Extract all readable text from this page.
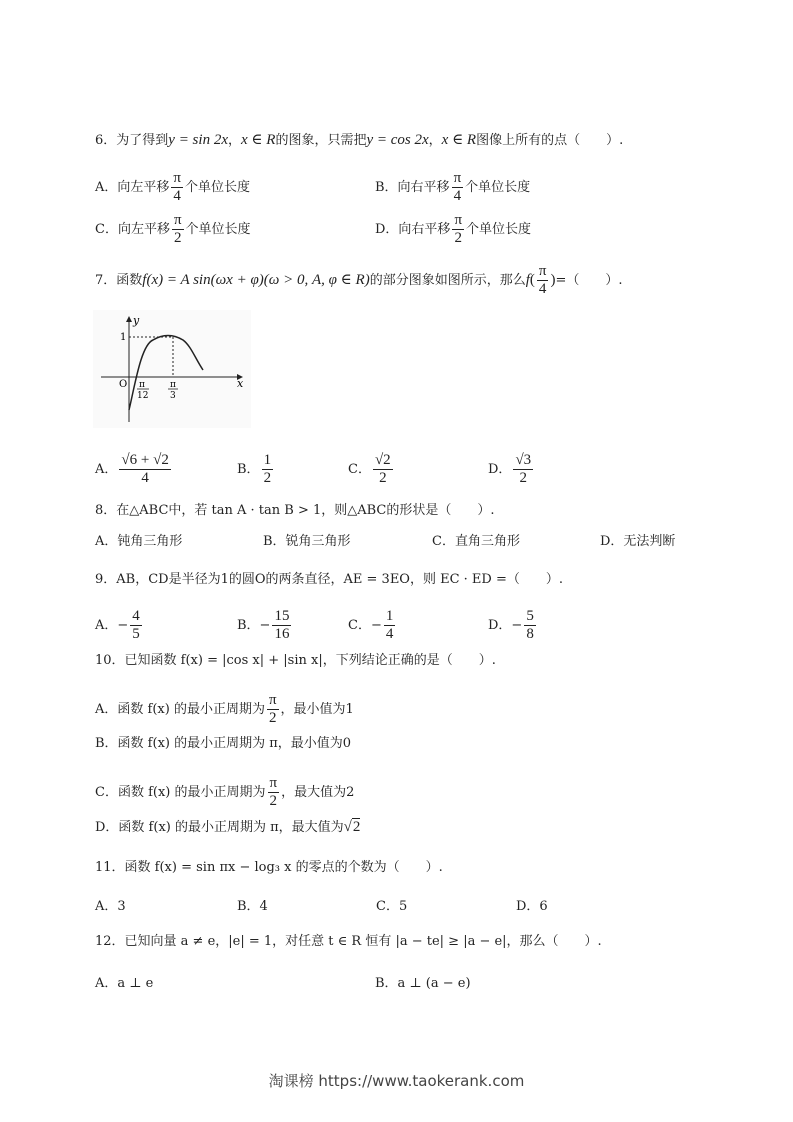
6．为了得到y = sin 2x，x ∈ R的图象，只需把y = cos 2x，x ∈ R图像上所有的点（　　）.
A．向左平移 $\frac{\pi}{4}$ 个单位长度	B．向右平移 $\frac{\pi}{4}$ 个单位长度
C．向左平移 $\frac{\pi}{2}$ 个单位长度	D．向右平移 $\frac{\pi}{2}$ 个单位长度
7．函数f(x) = A sin(ωx + φ)(ω > 0, A, φ ∈ R)的部分图象如图所示，那么$f( \frac{\pi}{4}$ )=（　　）.
y
x
O
1
π
12
π
3
A． $\frac{√6 + √2}{4}$	B． $\frac{1}{2}$	C． $\frac{√2}{2}$	D． $\frac{√3}{2}$
8．在△ABC中，若 tan A · tan B > 1，则△ABC的形状是（　　）.
A．钝角三角形	B．锐角三角形	C．直角三角形	D．无法判断
9．AB，CD是半径为1的圆O的两条直径，AE = 3EO，则 EC · ED =（　　）.
A．− $\frac{4}{5}$	B．− $\frac{15}{16}$	C．− $\frac{1}{4}$	D．− $\frac{5}{8}$
10．已知函数 f(x) = |cos x| + |sin x|，下列结论正确的是（　　）.
A．函数 f(x) 的最小正周期为 $\frac{\pi}{2}$ ，最小值为1
B．函数 f(x) 的最小正周期为 π，最小值为0
C．函数 f(x) 的最小正周期为 $\frac{\pi}{2}$ ，最大值为2
D．函数 f(x) 的最小正周期为 π，最大值为√2
11．函数 f(x) = sin πx − log₃ x 的零点的个数为（　　）.
A．3	B．4	C．5	D．6
12．已知向量 a ≠ e，|e| = 1，对任意 t ∈ R 恒有 |a − te| ≥ |a − e|，那么（　　）.
A．a ⊥ e	B．a ⊥ (a − e)
淘课榜 https://www.taokerank.com
